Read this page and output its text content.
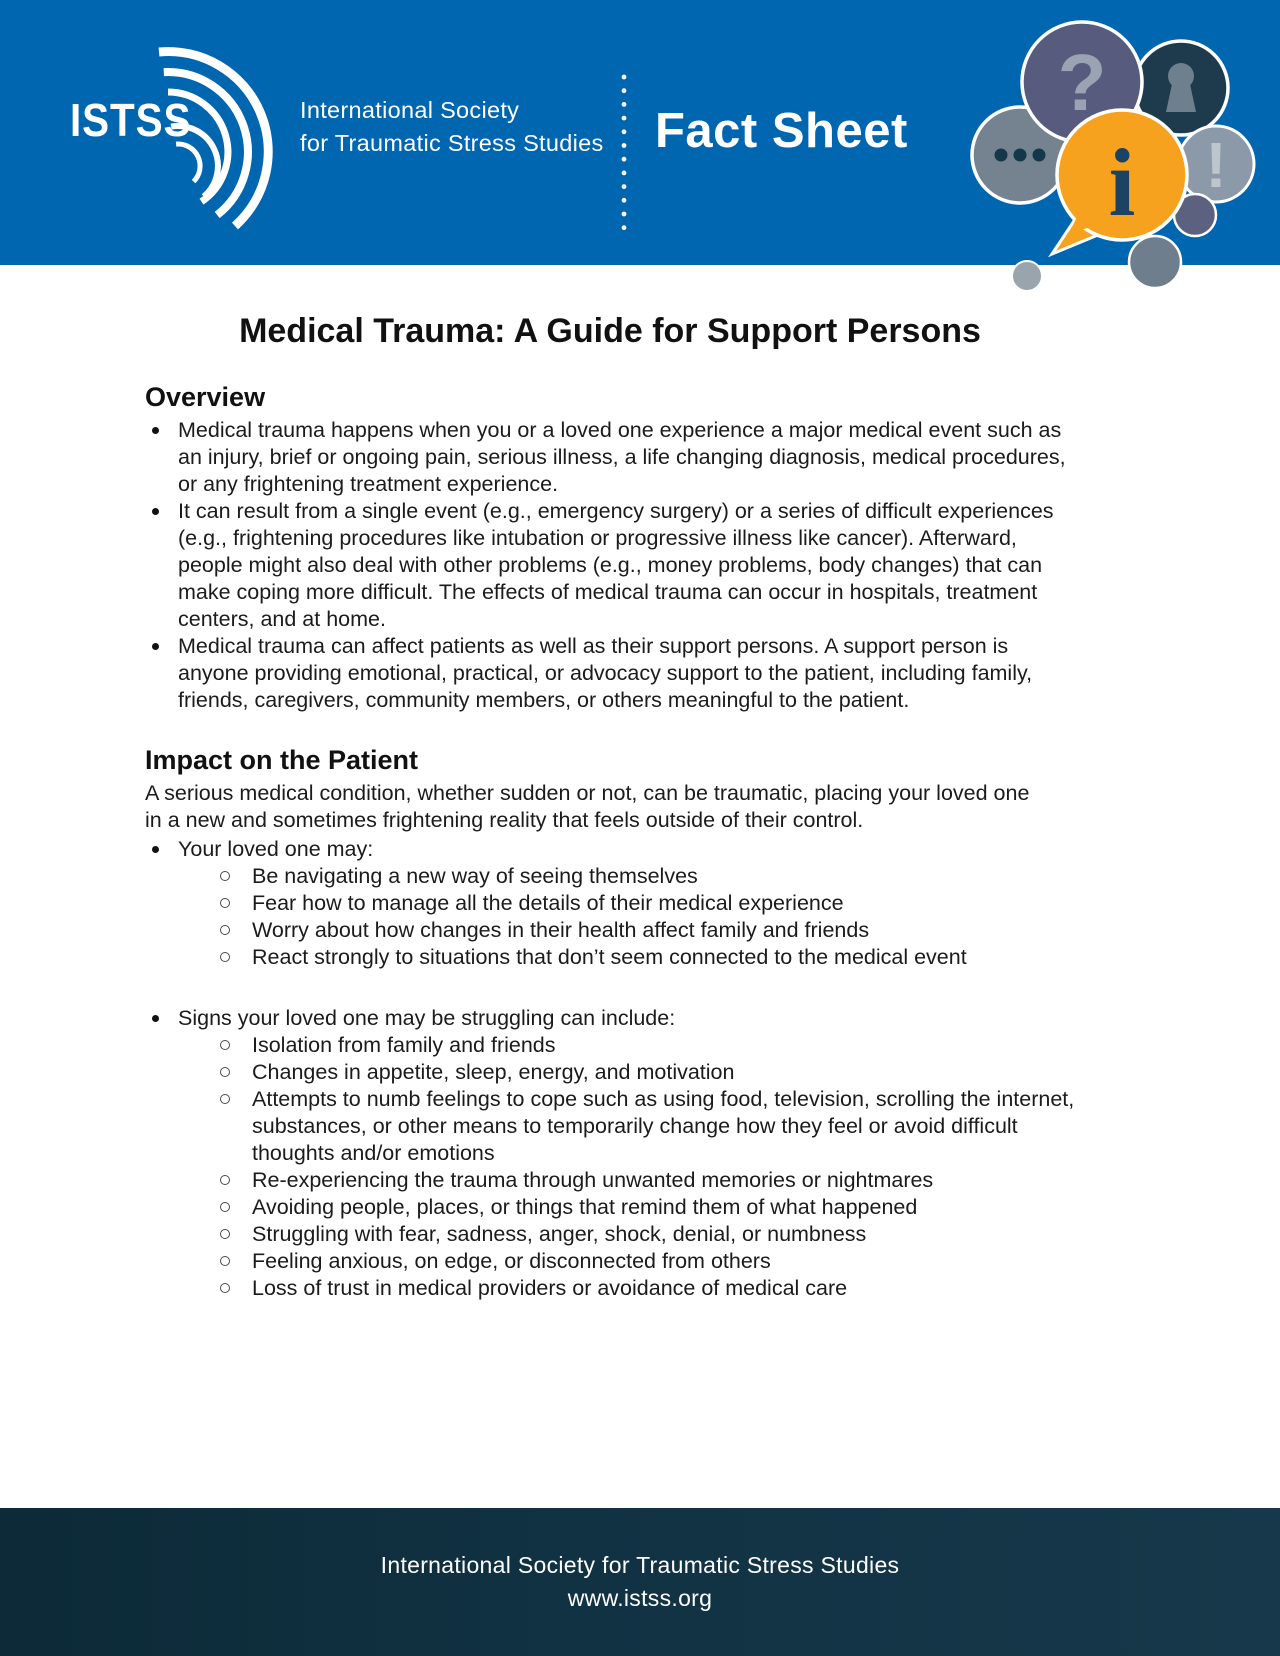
ISTSS	International Society
for Traumatic Stress Studies Fact Sheet
?
!
i
Medical Trauma: A Guide for Support Persons
Overview
Medical trauma happens when you or a loved one experience a major medical event such as an injury, brief or ongoing pain, serious illness, a life changing diagnosis, medical procedures, or any frightening treatment experience.
It can result from a single event (e.g., emergency surgery) or a series of difficult experiences (e.g., frightening procedures like intubation or progressive illness like cancer). Afterward, people might also deal with other problems (e.g., money problems, body changes) that can make coping more difficult. The effects of medical trauma can occur in hospitals, treatment centers, and at home.
Medical trauma can affect patients as well as their support persons. A support person is anyone providing emotional, practical, or advocacy support to the patient, including family, friends, caregivers, community members, or others meaningful to the patient.
Impact on the Patient

A serious medical condition, whether sudden or not, can be traumatic, placing your loved one in a new and sometimes frightening reality that feels outside of their control.

Your loved one may:
Be navigating a new way of seeing themselves
Fear how to manage all the details of their medical experience
Worry about how changes in their health affect family and friends
React strongly to situations that don’t seem connected to the medical event
Signs your loved one may be struggling can include:
Isolation from family and friends
Changes in appetite, sleep, energy, and motivation
Attempts to numb feelings to cope such as using food, television, scrolling the internet, substances, or other means to temporarily change how they feel or avoid difficult thoughts and/or emotions
Re-experiencing the trauma through unwanted memories or nightmares
Avoiding people, places, or things that remind them of what happened
Struggling with fear, sadness, anger, shock, denial, or numbness
Feeling anxious, on edge, or disconnected from others
Loss of trust in medical providers or avoidance of medical care
International Society for Traumatic Stress Studies
www.istss.org
